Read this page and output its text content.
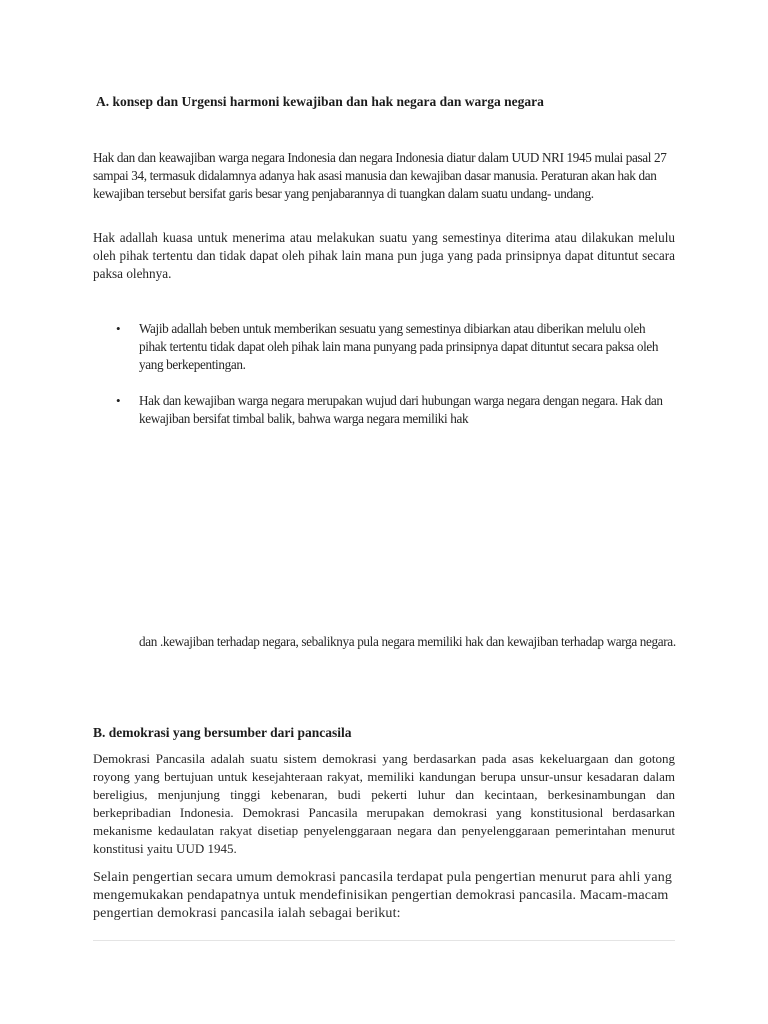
A. konsep dan Urgensi harmoni kewajiban dan hak negara dan warga negara
Hak dan dan keawajiban warga negara Indonesia dan negara Indonesia diatur dalam UUD NRI 1945 mulai pasal 27 sampai 34, termasuk didalamnya adanya hak asasi manusia dan kewajiban dasar manusia. Peraturan akan hak dan kewajiban tersebut bersifat garis besar yang penjabarannya di tuangkan dalam suatu undang- undang.
Hak adallah kuasa untuk menerima atau melakukan suatu yang semestinya diterima atau dilakukan melulu oleh pihak tertentu dan tidak dapat oleh pihak lain mana pun juga yang pada prinsipnya dapat dituntut secara paksa olehnya.
• Wajib adallah beben untuk memberikan sesuatu yang semestinya dibiarkan atau diberikan melulu oleh pihak tertentu tidak dapat oleh pihak lain mana punyang pada prinsipnya dapat dituntut secara paksa oleh yang berkepentingan.
• Hak dan kewajiban warga negara merupakan wujud dari hubungan warga negara dengan negara. Hak dan kewajiban bersifat timbal balik, bahwa warga negara memiliki hak
dan .kewajiban terhadap negara, sebaliknya pula negara memiliki hak dan kewajiban terhadap warga negara.
B. demokrasi yang bersumber dari pancasila
Demokrasi Pancasila adalah suatu sistem demokrasi yang berdasarkan pada asas kekeluargaan dan gotong royong yang bertujuan untuk kesejahteraan rakyat, memiliki kandungan berupa unsur-unsur kesadaran dalam bereligius, menjunjung tinggi kebenaran, budi pekerti luhur dan kecintaan, berkesinambungan dan berkepribadian Indonesia. Demokrasi Pancasila merupakan demokrasi yang konstitusional berdasarkan mekanisme kedaulatan rakyat disetiap penyelenggaraan negara dan penyelenggaraan pemerintahan menurut konstitusi yaitu UUD 1945.
Selain pengertian secara umum demokrasi pancasila terdapat pula pengertian menurut para ahli yang mengemukakan pendapatnya untuk mendefinisikan pengertian demokrasi pancasila. Macam-macam pengertian demokrasi pancasila ialah sebagai berikut:
